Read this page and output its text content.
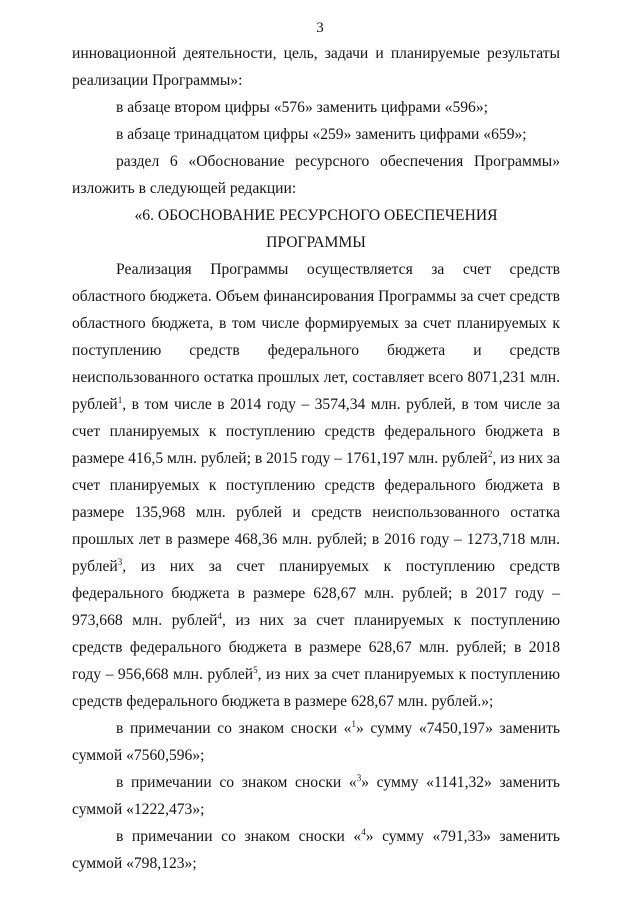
3

инновационной деятельности, цель, задачи и планируемые результаты реализации Программы»:

в абзаце втором цифры «576» заменить цифрами «596»;

в абзаце тринадцатом цифры «259» заменить цифрами «659»;

раздел 6 «Обоснование ресурсного обеспечения Программы» изложить в следующей редакции:

«6. ОБОСНОВАНИЕ РЕСУРСНОГО ОБЕСПЕЧЕНИЯ

ПРОГРАММЫ

Реализация Программы осуществляется за счет средств областного бюджета. Объем финансирования Программы за счет средств областного бюджета, в том числе формируемых за счет планируемых к поступлению средств федерального бюджета и средств неиспользованного остатка прошлых лет, составляет всего 8071,231 млн. рублей$^1$, в том числе в 2014 году – 3574,34 млн. рублей, в том числе за счет планируемых к поступлению средств федерального бюджета в размере 416,5 млн. рублей; в 2015 году – 1761,197 млн. рублей$^2$, из них за счет планируемых к поступлению средств федерального бюджета в размере 135,968 млн. рублей и средств неиспользованного остатка прошлых лет в размере 468,36 млн. рублей; в 2016 году – 1273,718 млн. рублей$^3$, из них за счет планируемых к поступлению средств федерального бюджета в размере 628,67 млн. рублей; в 2017 году – 973,668 млн. рублей$^4$, из них за счет планируемых к поступлению средств федерального бюджета в размере 628,67 млн. рублей; в 2018 году – 956,668 млн. рублей$^5$, из них за счет планируемых к поступлению средств федерального бюджета в размере 628,67 млн. рублей.»;

в примечании со знаком сноски «$^1$» сумму «7450,197» заменить суммой «7560,596»;

в примечании со знаком сноски «$^3$» сумму «1141,32» заменить суммой «1222,473»;

в примечании со знаком сноски «$^4$» сумму «791,33» заменить суммой «798,123»;
